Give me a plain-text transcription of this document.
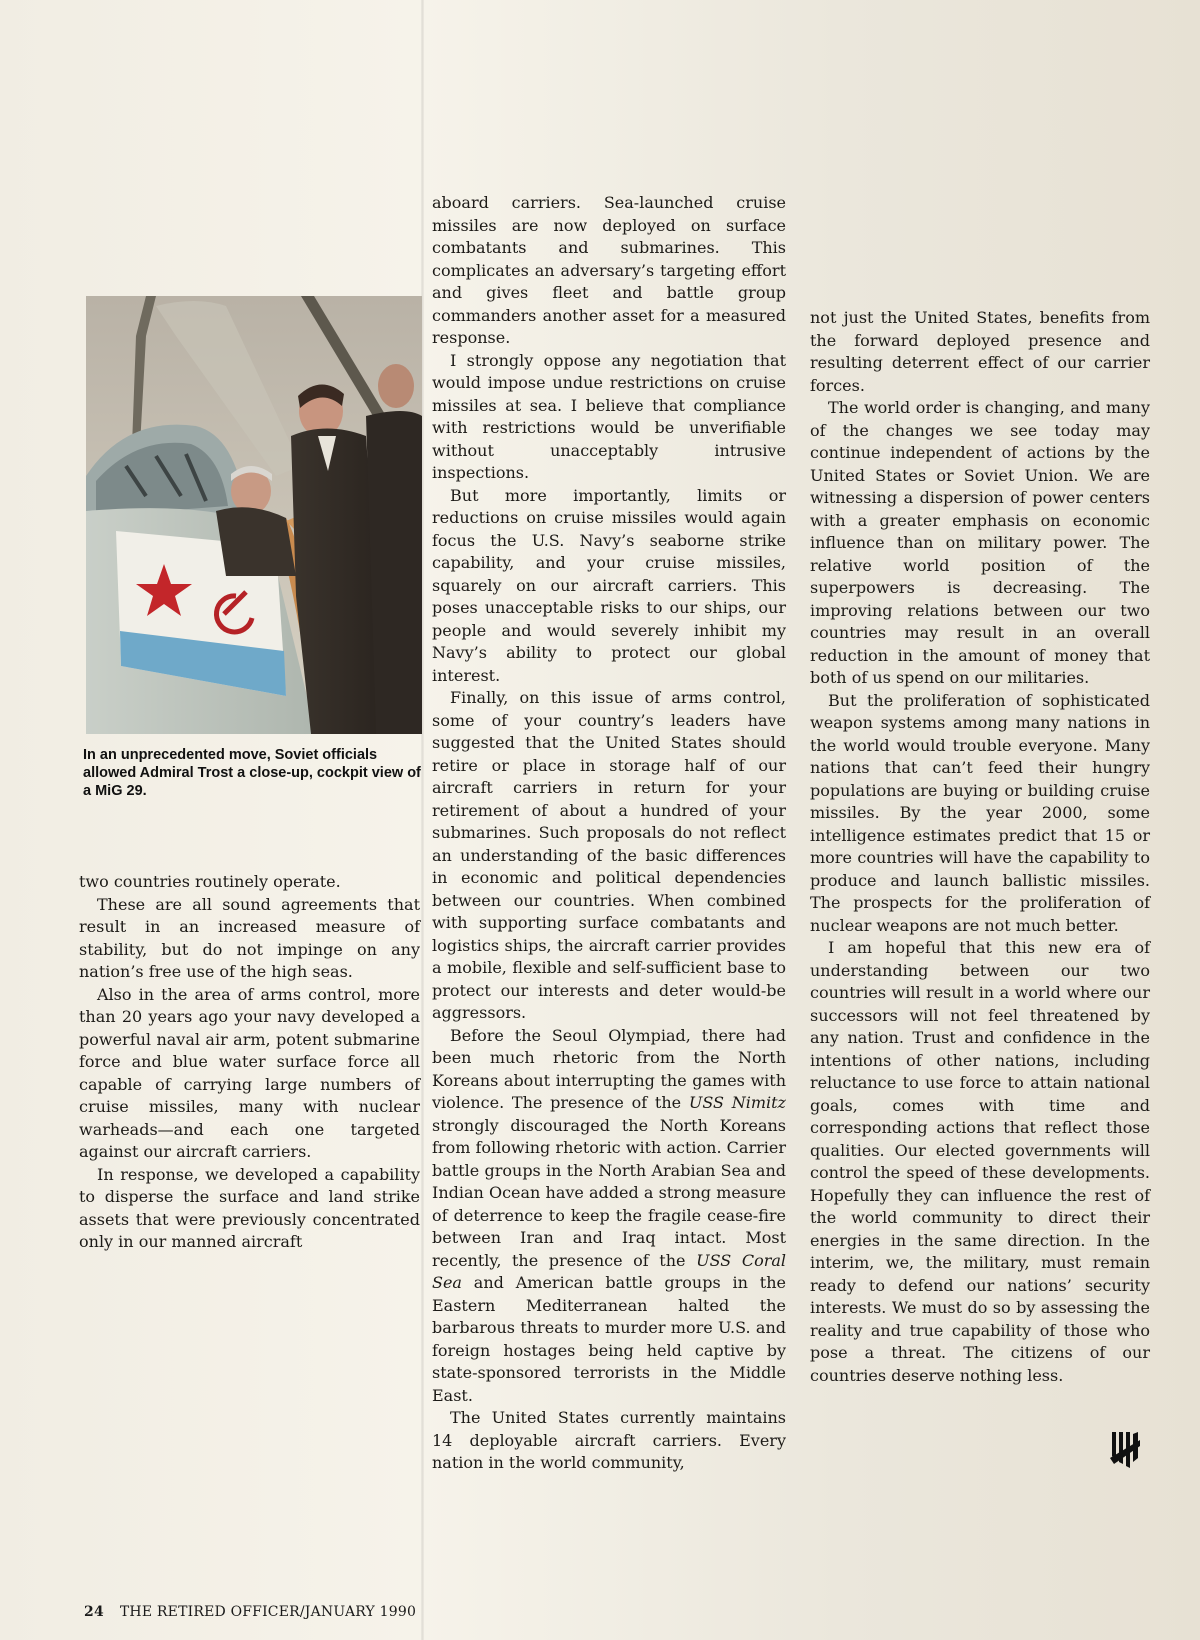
In an unprecedented move, Soviet officials allowed Admiral Trost a close-up, cockpit view of a MiG 29.

two countries routinely operate.

These are all sound agreements that result in an increased measure of stability, but do not impinge on any nation’s free use of the high seas.

Also in the area of arms control, more than 20 years ago your navy developed a powerful naval air arm, potent submarine force and blue water surface force all capable of carrying large numbers of cruise missiles, many with nuclear warheads—and each one targeted against our aircraft carriers.

In response, we developed a capability to disperse the surface and land strike assets that were previously concentrated only in our manned aircraft

aboard carriers. Sea-launched cruise missiles are now deployed on surface combatants and submarines. This complicates an adversary’s targeting effort and gives fleet and battle group commanders another asset for a measured response.

I strongly oppose any negotiation that would impose undue restrictions on cruise missiles at sea. I believe that compliance with restrictions would be unverifiable without unacceptably intrusive inspections.

But more importantly, limits or reductions on cruise missiles would again focus the U.S. Navy’s seaborne strike capability, and your cruise missiles, squarely on our aircraft carriers. This poses unacceptable risks to our ships, our people and would severely inhibit my Navy’s ability to protect our global interest.

Finally, on this issue of arms control, some of your country’s leaders have suggested that the United States should retire or place in storage half of our aircraft carriers in return for your retirement of about a hundred of your submarines. Such proposals do not reflect an understanding of the basic differences in economic and political dependencies between our countries. When combined with supporting surface combatants and logistics ships, the aircraft carrier provides a mobile, flexible and self-sufficient base to protect our interests and deter would-be aggressors.

Before the Seoul Olympiad, there had been much rhetoric from the North Koreans about interrupting the games with violence. The presence of the USS Nimitz strongly discouraged the North Koreans from following rhetoric with action. Carrier battle groups in the North Arabian Sea and Indian Ocean have added a strong measure of deterrence to keep the fragile cease-fire between Iran and Iraq intact. Most recently, the presence of the USS Coral Sea and American battle groups in the Eastern Mediterranean halted the barbarous threats to murder more U.S. and foreign hostages being held captive by state-sponsored terrorists in the Middle East.

The United States currently maintains 14 deployable aircraft carriers. Every nation in the world community,

not just the United States, benefits from the forward deployed presence and resulting deterrent effect of our carrier forces.

The world order is changing, and many of the changes we see today may continue independent of actions by the United States or Soviet Union. We are witnessing a dispersion of power centers with a greater emphasis on economic influence than on military power. The relative world position of the superpowers is decreasing. The improving relations between our two countries may result in an overall reduction in the amount of money that both of us spend on our militaries.

But the proliferation of sophisticated weapon systems among many nations in the world would trouble everyone. Many nations that can’t feed their hungry populations are buying or building cruise missiles. By the year 2000, some intelligence estimates predict that 15 or more countries will have the capability to produce and launch ballistic missiles. The prospects for the proliferation of nuclear weapons are not much better.

I am hopeful that this new era of understanding between our two countries will result in a world where our successors will not feel threatened by any nation. Trust and confidence in the intentions of other nations, including reluctance to use force to attain national goals, comes with time and corresponding actions that reflect those qualities. Our elected governments will control the speed of these developments. Hopefully they can influence the rest of the world community to direct their energies in the same direction. In the interim, we, the military, must remain ready to defend our nations’ security interests. We must do so by assessing the reality and true capability of those who pose a threat. The citizens of our countries deserve nothing less.

24 THE RETIRED OFFICER/JANUARY 1990
